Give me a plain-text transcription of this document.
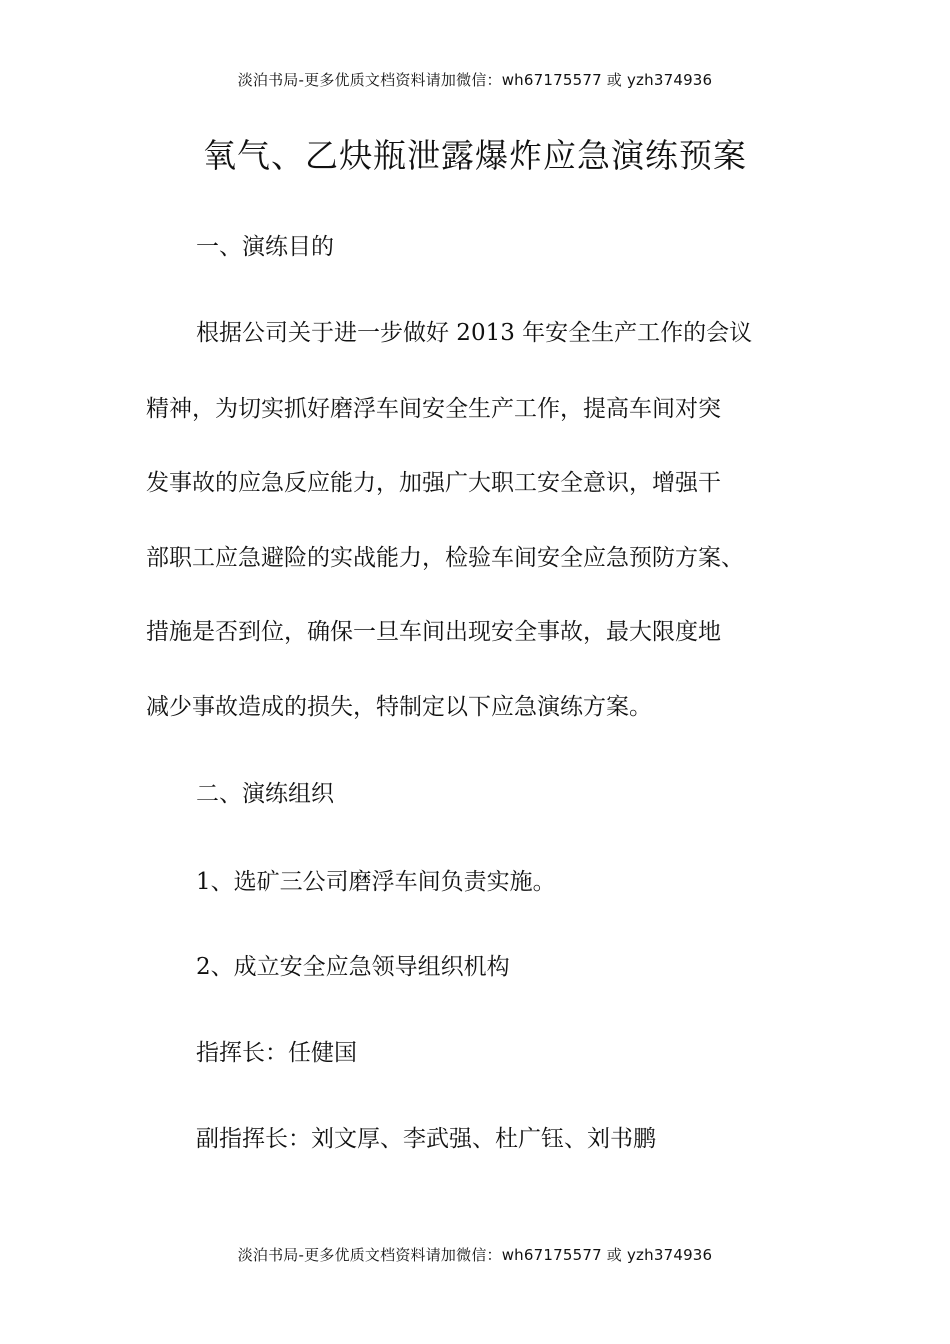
淡泊书局-更多优质文档资料请加微信：wh67175577 或 yzh374936
氧气、乙炔瓶泄露爆炸应急演练预案
一、演练目的
根据公司关于进一步做好 2013 年安全生产工作的会议
精神，为切实抓好磨浮车间安全生产工作，提高车间对突
发事故的应急反应能力，加强广大职工安全意识，增强干
部职工应急避险的实战能力，检验车间安全应急预防方案、
措施是否到位，确保一旦车间出现安全事故，最大限度地
减少事故造成的损失，特制定以下应急演练方案。
二、演练组织
1、选矿三公司磨浮车间负责实施。
2、成立安全应急领导组织机构
指挥长：任健国
副指挥长：刘文厚、李武强、杜广钰、刘书鹏
淡泊书局-更多优质文档资料请加微信：wh67175577 或 yzh374936
